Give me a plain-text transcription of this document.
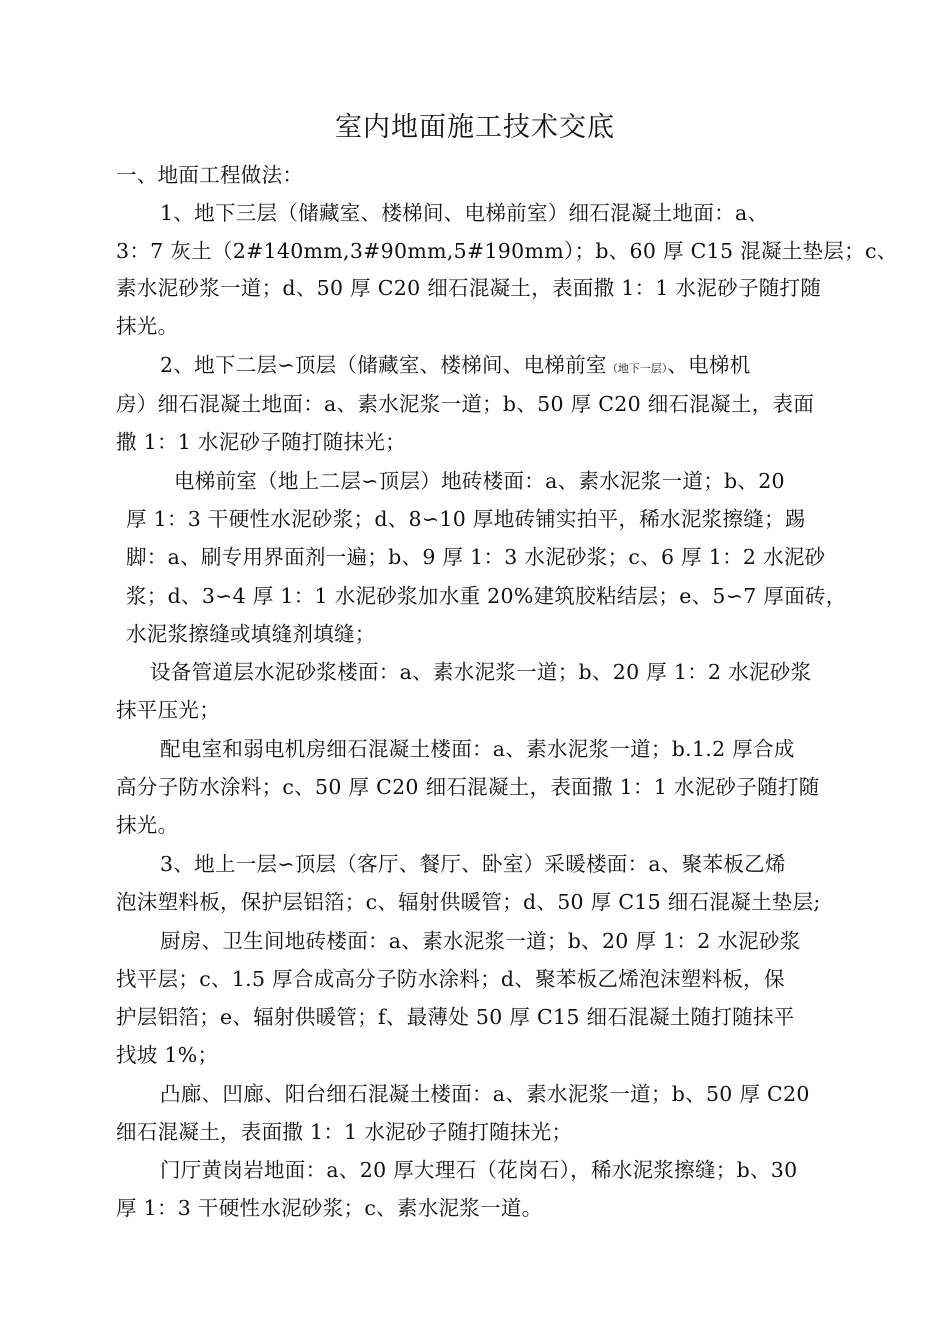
室内地面施工技术交底
一、地面工程做法：
1、地下三层（储藏室、楼梯间、电梯前室）细石混凝土地面：a、
3：7 灰土（2#140mm,3#90mm,5#190mm）；b、60 厚 C15 混凝土垫层；c、
素水泥砂浆一道；d、50 厚 C20 细石混凝土，表面撒 1：1 水泥砂子随打随
抹光。
2、地下二层∽顶层（储藏室、楼梯间、电梯前室（地下一层）、电梯机
房）细石混凝土地面：a、素水泥浆一道；b、50 厚 C20 细石混凝土，表面
撒 1：1 水泥砂子随打随抹光；
电梯前室（地上二层∽顶层）地砖楼面：a、素水泥浆一道；b、20
厚 1：3 干硬性水泥砂浆；d、8∽10 厚地砖铺实拍平，稀水泥浆擦缝；踢
脚：a、刷专用界面剂一遍；b、9 厚 1：3 水泥砂浆；c、6 厚 1：2 水泥砂
浆；d、3∽4 厚 1：1 水泥砂浆加水重 20%建筑胶粘结层；e、5∽7 厚面砖，
水泥浆擦缝或填缝剂填缝；
设备管道层水泥砂浆楼面：a、素水泥浆一道；b、20 厚 1：2 水泥砂浆
抹平压光；
配电室和弱电机房细石混凝土楼面：a、素水泥浆一道；b.1.2 厚合成
高分子防水涂料；c、50 厚 C20 细石混凝土，表面撒 1：1 水泥砂子随打随
抹光。
3、地上一层∽顶层（客厅、餐厅、卧室）采暖楼面：a、聚苯板乙烯
泡沫塑料板，保护层铝箔；c、辐射供暖管；d、50 厚 C15 细石混凝土垫层;
厨房、卫生间地砖楼面：a、素水泥浆一道；b、20 厚 1：2 水泥砂浆
找平层；c、1.5 厚合成高分子防水涂料；d、聚苯板乙烯泡沫塑料板，保
护层铝箔；e、辐射供暖管；f、最薄处 50 厚 C15 细石混凝土随打随抹平
找坡 1%；
凸廊、凹廊、阳台细石混凝土楼面：a、素水泥浆一道；b、50 厚 C20
细石混凝土，表面撒 1：1 水泥砂子随打随抹光；
门厅黄岗岩地面：a、20 厚大理石（花岗石），稀水泥浆擦缝；b、30
厚 1：3 干硬性水泥砂浆；c、素水泥浆一道。
